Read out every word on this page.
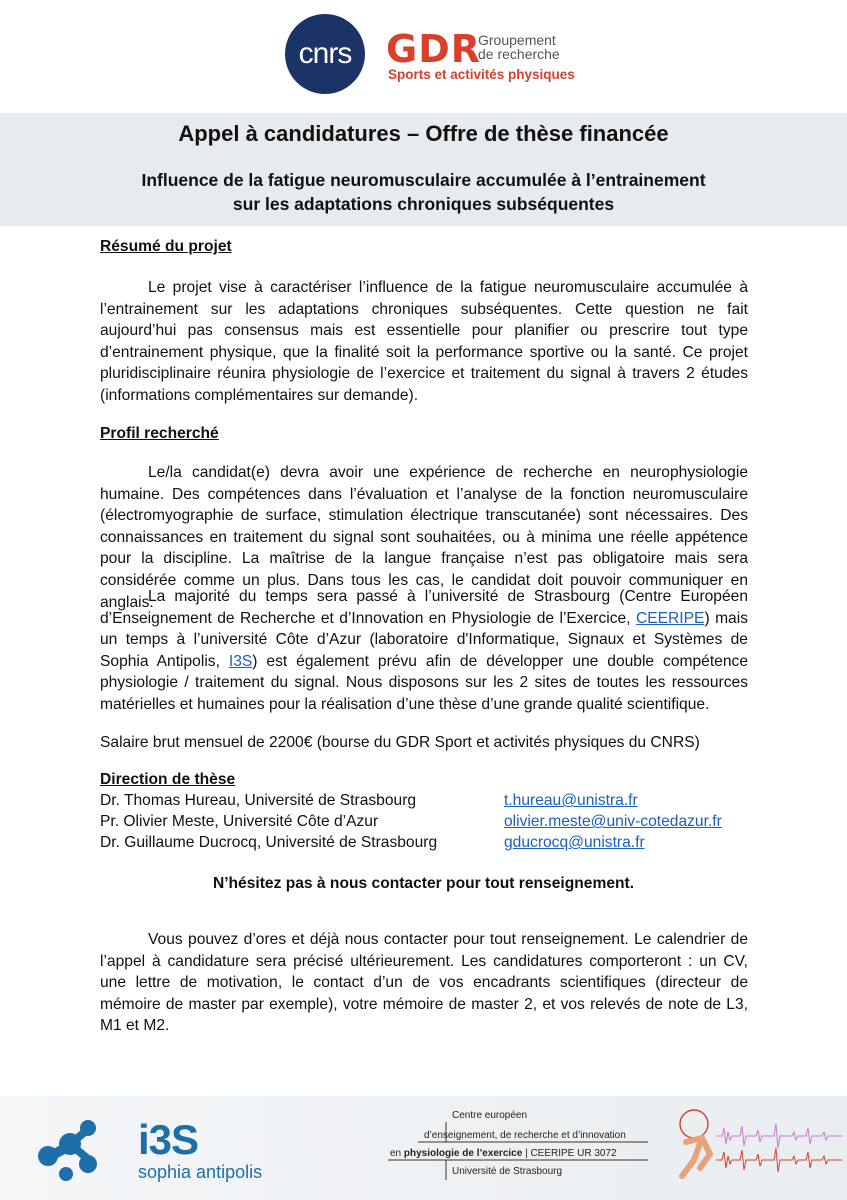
cnrs GDR
Groupement
de recherche
Sports et activités physiques
Appel à candidatures – Offre de thèse financée
Influence de la fatigue neuromusculaire accumulée à l’entrainement
sur les adaptations chroniques subséquentes
Résumé du projet
Le projet vise à caractériser l’influence de la fatigue neuromusculaire accumulée à l’entrainement sur les adaptations chroniques subséquentes. Cette question ne fait aujourd’hui pas consensus mais est essentielle pour planifier ou prescrire tout type d’entrainement physique, que la finalité soit la performance sportive ou la santé. Ce projet pluridisciplinaire réunira physiologie de l’exercice et traitement du signal à travers 2 études (informations complémentaires sur demande).
Profil recherché
Le/la candidat(e) devra avoir une expérience de recherche en neurophysiologie humaine. Des compétences dans l’évaluation et l’analyse de la fonction neuromusculaire (électromyographie de surface, stimulation électrique transcutanée) sont nécessaires. Des connaissances en traitement du signal sont souhaitées, ou à minima une réelle appétence pour la discipline. La maîtrise de la langue française n’est pas obligatoire mais sera considérée comme un plus. Dans tous les cas, le candidat doit pouvoir communiquer en anglais.
La majorité du temps sera passé à l’université de Strasbourg (Centre Européen d’Enseignement de Recherche et d’Innovation en Physiologie de l’Exercice, CEERIPE) mais un temps à l’université Côte d’Azur (laboratoire d'Informatique, Signaux et Systèmes de Sophia Antipolis, I3S) est également prévu afin de développer une double compétence physiologie / traitement du signal. Nous disposons sur les 2 sites de toutes les ressources matérielles et humaines pour la réalisation d’une thèse d’une grande qualité scientifique.
Salaire brut mensuel de 2200€ (bourse du GDR Sport et activités physiques du CNRS)
Direction de thèse
Dr. Thomas Hureau, Université de Strasbourg	t.hureau@unistra.fr
Pr. Olivier Meste, Université Côte d’Azur	olivier.meste@univ-cotedazur.fr
Dr. Guillaume Ducrocq, Université de Strasbourg	gducrocq@unistra.fr
N’hésitez pas à nous contacter pour tout renseignement.
Vous pouvez d’ores et déjà nous contacter pour tout renseignement. Le calendrier de l’appel à candidature sera précisé ultérieurement. Les candidatures comporteront : un CV, une lettre de motivation, le contact d’un de vos encadrants scientifiques (directeur de mémoire de master par exemple), votre mémoire de master 2, et vos relevés de note de L3, M1 et M2.
i3S
sophia antipolis
Centre européen
d’enseignement, de recherche et d’innovation
en physiologie de l’exercice | CEERIPE UR 3072
Université de Strasbourg
